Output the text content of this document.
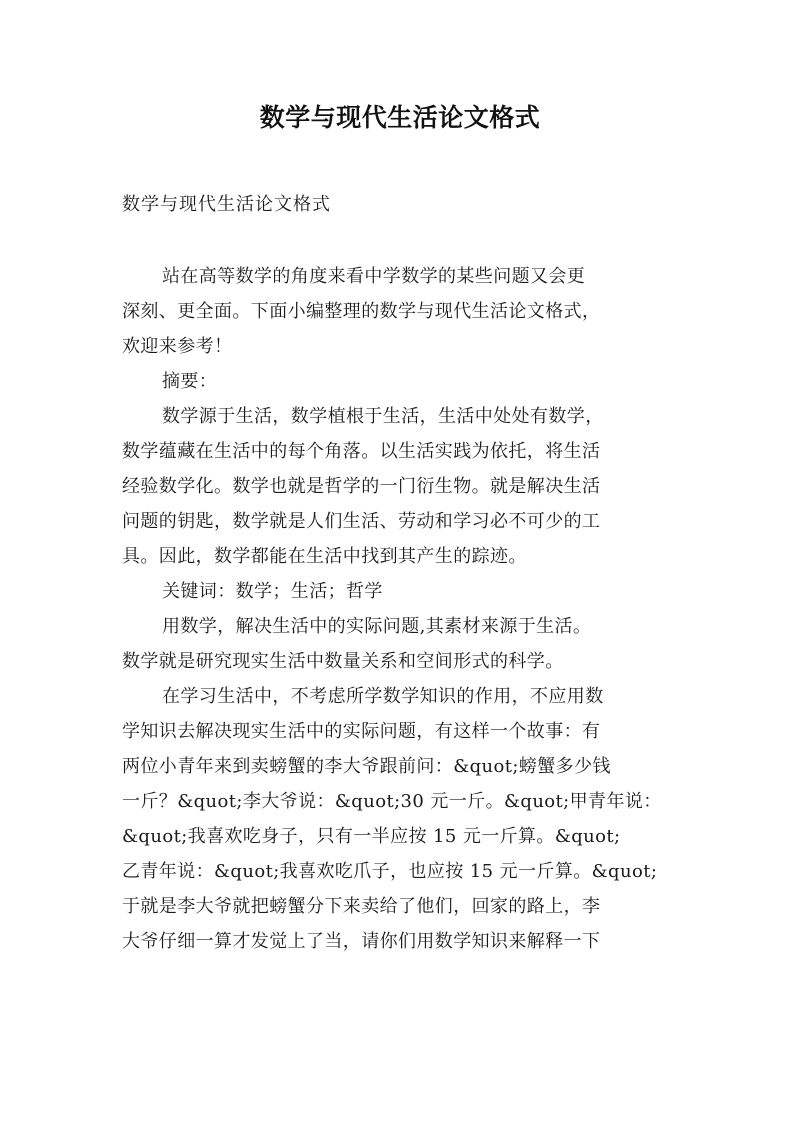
数学与现代生活论文格式
数学与现代生活论文格式

站在高等数学的角度来看中学数学的某些问题又会更
深刻、更全面。下面小编整理的数学与现代生活论文格式，
欢迎来参考！

摘要：

数学源于生活，数学植根于生活，生活中处处有数学，
数学蕴藏在生活中的每个角落。以生活实践为依托，将生活
经验数学化。数学也就是哲学的一门衍生物。就是解决生活
问题的钥匙，数学就是人们生活、劳动和学习必不可少的工
具。因此，数学都能在生活中找到其产生的踪迹。

关键词：数学；生活；哲学

用数学，解决生活中的实际问题,其素材来源于生活。
数学就是研究现实生活中数量关系和空间形式的科学。

在学习生活中，不考虑所学数学知识的作用，不应用数
学知识去解决现实生活中的实际问题，有这样一个故事：有
两位小青年来到卖螃蟹的李大爷跟前问：&quot;螃蟹多少钱
一斤？&quot;李大爷说：&quot;30 元一斤。&quot;甲青年说：
&quot;我喜欢吃身子，只有一半应按 15 元一斤算。&quot;
乙青年说：&quot;我喜欢吃爪子，也应按 15 元一斤算。&quot;
于就是李大爷就把螃蟹分下来卖给了他们，回家的路上，李
大爷仔细一算才发觉上了当，请你们用数学知识来解释一下
